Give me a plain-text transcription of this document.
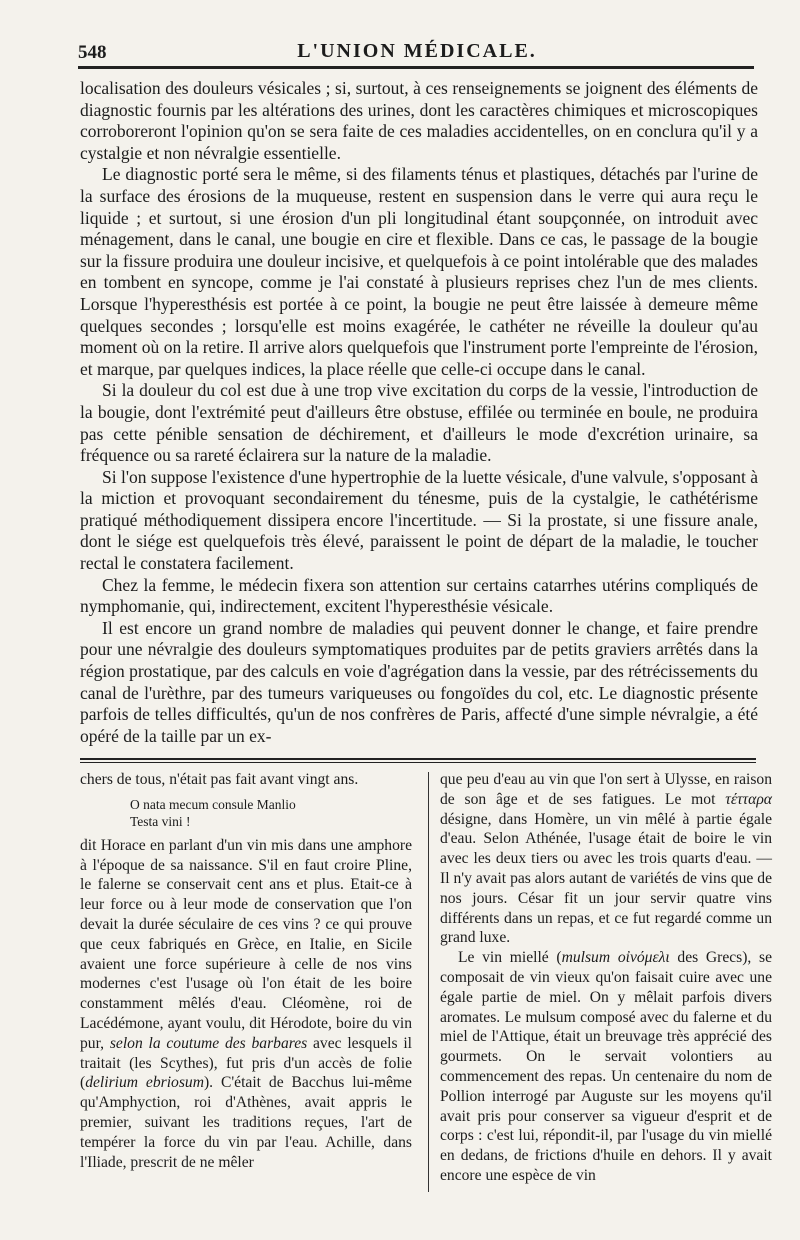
548	L'UNION MÉDICALE.

localisation des douleurs vésicales ; si, surtout, à ces renseignements se joignent des éléments de diagnostic fournis par les altérations des urines, dont les caractères chimiques et microscopiques corroboreront l'opinion qu'on se sera faite de ces maladies accidentelles, on en conclura qu'il y a cystalgie et non névralgie essentielle.

Le diagnostic porté sera le même, si des filaments ténus et plastiques, détachés par l'urine de la surface des érosions de la muqueuse, restent en suspension dans le verre qui aura reçu le liquide ; et surtout, si une érosion d'un pli longitudinal étant soupçonnée, on introduit avec ménagement, dans le canal, une bougie en cire et flexible. Dans ce cas, le passage de la bougie sur la fissure produira une douleur incisive, et quelquefois à ce point intolérable que des malades en tombent en syncope, comme je l'ai constaté à plusieurs reprises chez l'un de mes clients. Lorsque l'hyperesthésis est portée à ce point, la bougie ne peut être laissée à demeure même quelques secondes ; lorsqu'elle est moins exagérée, le cathéter ne réveille la douleur qu'au moment où on la retire. Il arrive alors quelquefois que l'instrument porte l'empreinte de l'érosion, et marque, par quelques indices, la place réelle que celle-ci occupe dans le canal.

Si la douleur du col est due à une trop vive excitation du corps de la vessie, l'introduction de la bougie, dont l'extrémité peut d'ailleurs être obstuse, effilée ou terminée en boule, ne produira pas cette pénible sensation de déchirement, et d'ailleurs le mode d'excrétion urinaire, sa fréquence ou sa rareté éclairera sur la nature de la maladie.

Si l'on suppose l'existence d'une hypertrophie de la luette vésicale, d'une valvule, s'opposant à la miction et provoquant secondairement du ténesme, puis de la cystalgie, le cathétérisme pratiqué méthodiquement dissipera encore l'incertitude. — Si la prostate, si une fissure anale, dont le siége est quelquefois très élevé, paraissent le point de départ de la maladie, le toucher rectal le constatera facilement.

Chez la femme, le médecin fixera son attention sur certains catarrhes utérins compliqués de nymphomanie, qui, indirectement, excitent l'hyperesthésie vésicale.

Il est encore un grand nombre de maladies qui peuvent donner le change, et faire prendre pour une névralgie des douleurs symptomatiques produites par de petits graviers arrêtés dans la région prostatique, par des calculs en voie d'agrégation dans la vessie, par des rétrécissements du canal de l'urèthre, par des tumeurs variqueuses ou fongoïdes du col, etc. Le diagnostic présente parfois de telles difficultés, qu'un de nos confrères de Paris, affecté d'une simple névralgie, a été opéré de la taille par un ex-

chers de tous, n'était pas fait avant vingt ans.

O nata mecum consule Manlio
Testa vini !

dit Horace en parlant d'un vin mis dans une amphore à l'époque de sa naissance. S'il en faut croire Pline, le falerne se conservait cent ans et plus. Etait-ce à leur force ou à leur mode de conservation que l'on devait la durée séculaire de ces vins ? ce qui prouve que ceux fabriqués en Grèce, en Italie, en Sicile avaient une force supérieure à celle de nos vins modernes c'est l'usage où l'on était de les boire constamment mêlés d'eau. Cléomène, roi de Lacédémone, ayant voulu, dit Hérodote, boire du vin pur, selon la coutume des barbares avec lesquels il traitait (les Scythes), fut pris d'un accès de folie (delirium ebriosum). C'était de Bacchus lui-même qu'Amphyction, roi d'Athènes, avait appris le premier, suivant les traditions reçues, l'art de tempérer la force du vin par l'eau. Achille, dans l'Iliade, prescrit de ne mêler

que peu d'eau au vin que l'on sert à Ulysse, en raison de son âge et de ses fatigues. Le mot τέτταρα désigne, dans Homère, un vin mêlé à partie égale d'eau. Selon Athénée, l'usage était de boire le vin avec les deux tiers ou avec les trois quarts d'eau. — Il n'y avait pas alors autant de variétés de vins que de nos jours. César fit un jour servir quatre vins différents dans un repas, et ce fut regardé comme un grand luxe.

Le vin miellé (mulsum οἰνόμελι des Grecs), se composait de vin vieux qu'on faisait cuire avec une égale partie de miel. On y mêlait parfois divers aromates. Le mulsum composé avec du falerne et du miel de l'Attique, était un breuvage très apprécié des gourmets. On le servait volontiers au commencement des repas. Un centenaire du nom de Pollion interrogé par Auguste sur les moyens qu'il avait pris pour conserver sa vigueur d'esprit et de corps : c'est lui, répondit-il, par l'usage du vin miellé en dedans, de frictions d'huile en dehors. Il y avait encore une espèce de vin
